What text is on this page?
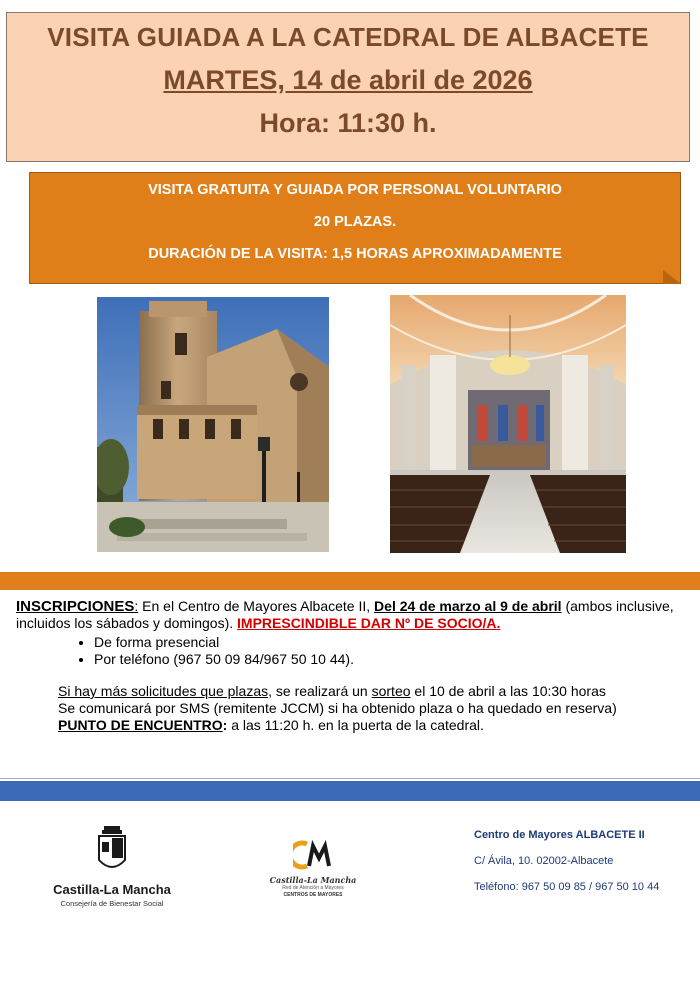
VISITA GUIADA A LA CATEDRAL DE ALBACETE
MARTES, 14 de abril de 2026
Hora: 11:30 h.
VISITA GRATUITA Y GUIADA POR PERSONAL VOLUNTARIO
20 PLAZAS.
DURACIÓN DE LA VISITA: 1,5 HORAS APROXIMADAMENTE
INSCRIPCIONES: En el Centro de Mayores Albacete II, Del 24 de marzo al 9 de abril (ambos inclusive, incluidos los sábados y domingos). IMPRESCINDIBLE DAR Nº DE SOCIO/A.
• De forma presencial
• Por teléfono (967 50 09 84/967 50 10 44).
Si hay más solicitudes que plazas, se realizará un sorteo el 10 de abril a las 10:30 horas
Se comunicará por SMS (remitente JCCM) si ha obtenido plaza o ha quedado en reserva)
PUNTO DE ENCUENTRO: a las 11:20 h. en la puerta de la catedral.
Castilla-La Mancha
Consejería de Bienestar Social
Castilla-La Mancha
Red de Atención a Mayores
CENTROS DE MAYORES
Centro de Mayores ALBACETE II
C/ Ávila, 10. 02002-Albacete
Teléfono: 967 50 09 85 / 967 50 10 44
